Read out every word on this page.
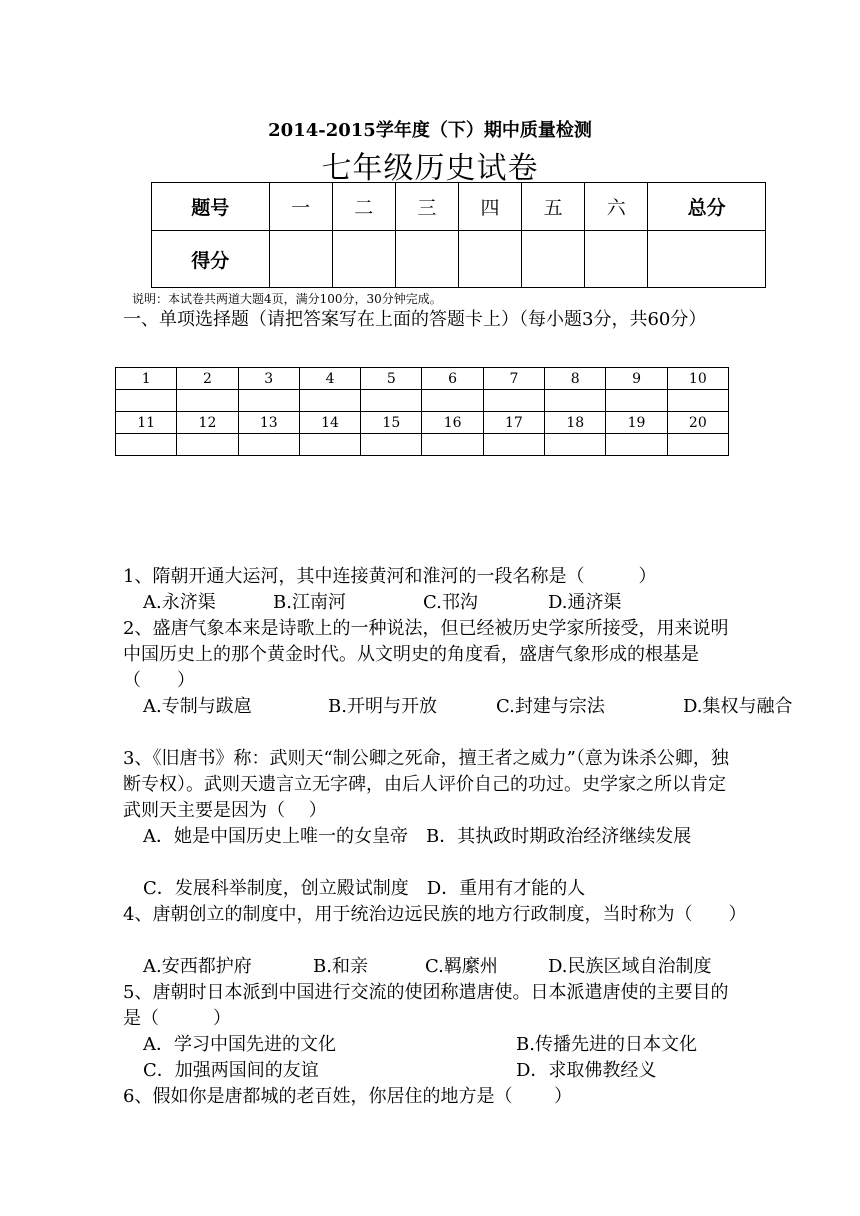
2014-2015学年度（下）期中质量检测
七年级历史试卷
题号	一	二	三	四	五	六	总分
得分							
说明：本试卷共两道大题4页，满分100分，30分钟完成。
一、单项选择题（请把答案写在上面的答题卡上）（每小题3分，共60分）
1	2	3	4	5	6	7	8	9	10

11	12	13	14	15	16	17	18	19	20

1、隋朝开通大运河，其中连接黄河和淮河的一段名称是（　　　）
A.永济渠	B.江南河	C.邗沟	D.通济渠
2、盛唐气象本来是诗歌上的一种说法，但已经被历史学家所接受，用来说明中国历史上的那个黄金时代。从文明史的角度看，盛唐气象形成的根基是（　　）
A.专制与跋扈	B.开明与开放	C.封建与宗法	D.集权与融合
3、《旧唐书》称：武则天“制公卿之死命，擅王者之威力”（意为诛杀公卿，独断专权）。武则天遗言立无字碑，由后人评价自己的功过。史学家之所以肯定武则天主要是因为（　 ）
A．她是中国历史上唯一的女皇帝　B．其执政时期政治经济继续发展
C．发展科举制度，创立殿试制度　D．重用有才能的人
4、唐朝创立的制度中，用于统治边远民族的地方行政制度，当时称为（　　）
A.安西都护府	B.和亲	C.羁縻州	D.民族区域自治制度
5、唐朝时日本派到中国进行交流的使团称遣唐使。日本派遣唐使的主要目的是（　　　）
A．学习中国先进的文化	B.传播先进的日本文化
C．加强两国间的友谊	D．求取佛教经义
6、假如你是唐都城的老百姓，你居住的地方是（　　 ）
